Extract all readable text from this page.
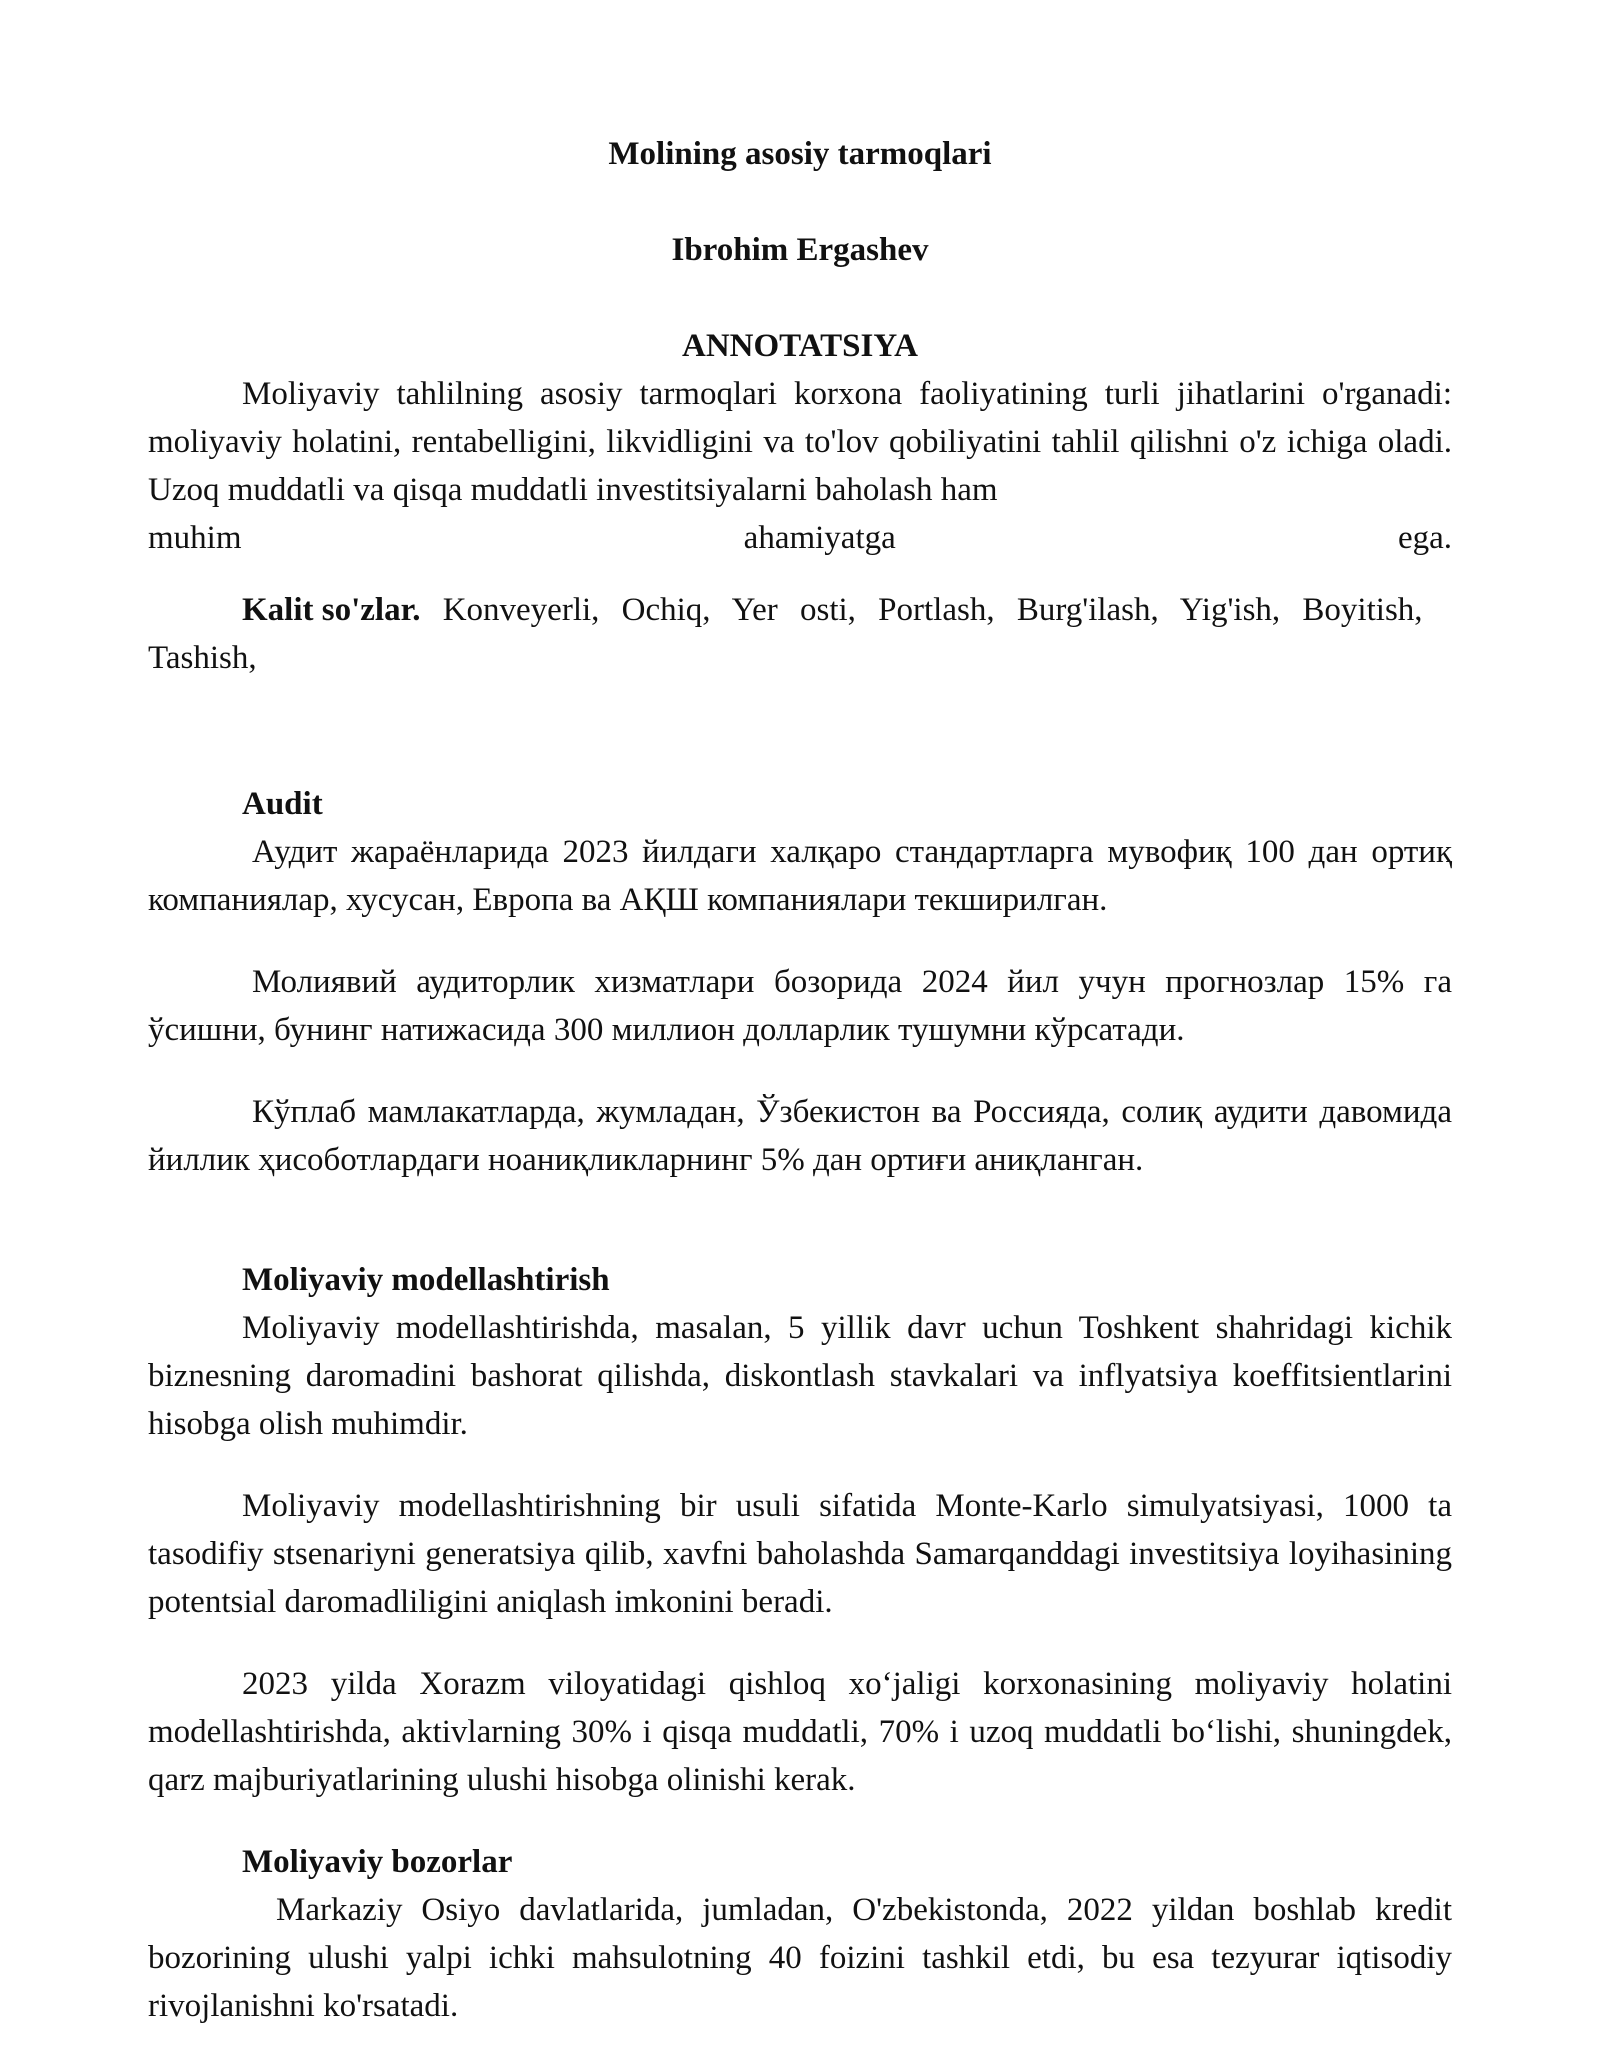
Molining asosiy tarmoqlari

Ibrohim Ergashev

ANNOTATSIYA

Moliyaviy tahlilning asosiy tarmoqlari korxona faoliyatining turli jihatlarini o'rganadi: moliyaviy holatini, rentabelligini, likvidligini va to'lov qobiliyatini tahlil qilishni o'z ichiga oladi. Uzoq muddatli va qisqa muddatli investitsiyalarni baholash ham

muhim ahamiyatga ega.

Kalit so'zlar. Konveyerli, Ochiq, Yer osti, Portlash, Burg'ilash, Yig'ish, Boyitish, Tashish,

Audit

Аудит жараёнларида 2023 йилдаги халқаро стандартларга мувофиқ 100 дан ортиқ компаниялар, хусусан, Европа ва АҚШ компаниялари текширилган.

Молиявий аудиторлик хизматлари бозорида 2024 йил учун прогнозлар 15% га ўсишни, бунинг натижасида 300 миллион долларлик тушумни кўрсатади.

Кўплаб мамлакатларда, жумладан, Ўзбекистон ва Россияда, солиқ аудити давомида йиллик ҳисоботлардаги ноаниқликларнинг 5% дан ортиғи аниқланган.

Moliyaviy modellashtirish

Moliyaviy modellashtirishda, masalan, 5 yillik davr uchun Toshkent shahridagi kichik biznesning daromadini bashorat qilishda, diskontlash stavkalari va inflyatsiya koeffitsientlarini hisobga olish muhimdir.

Moliyaviy modellashtirishning bir usuli sifatida Monte-Karlo simulyatsiyasi, 1000 ta tasodifiy stsenariyni generatsiya qilib, xavfni baholashda Samarqanddagi investitsiya loyihasining potentsial daromadliligini aniqlash imkonini beradi.

2023 yilda Xorazm viloyatidagi qishloq xo‘jaligi korxonasining moliyaviy holatini modellashtirishda, aktivlarning 30% i qisqa muddatli, 70% i uzoq muddatli bo‘lishi, shuningdek, qarz majburiyatlarining ulushi hisobga olinishi kerak.

Moliyaviy bozorlar

Markaziy Osiyo davlatlarida, jumladan, O'zbekistonda, 2022 yildan boshlab kredit bozorining ulushi yalpi ichki mahsulotning 40 foizini tashkil etdi, bu esa tezyurar iqtisodiy rivojlanishni ko'rsatadi.
